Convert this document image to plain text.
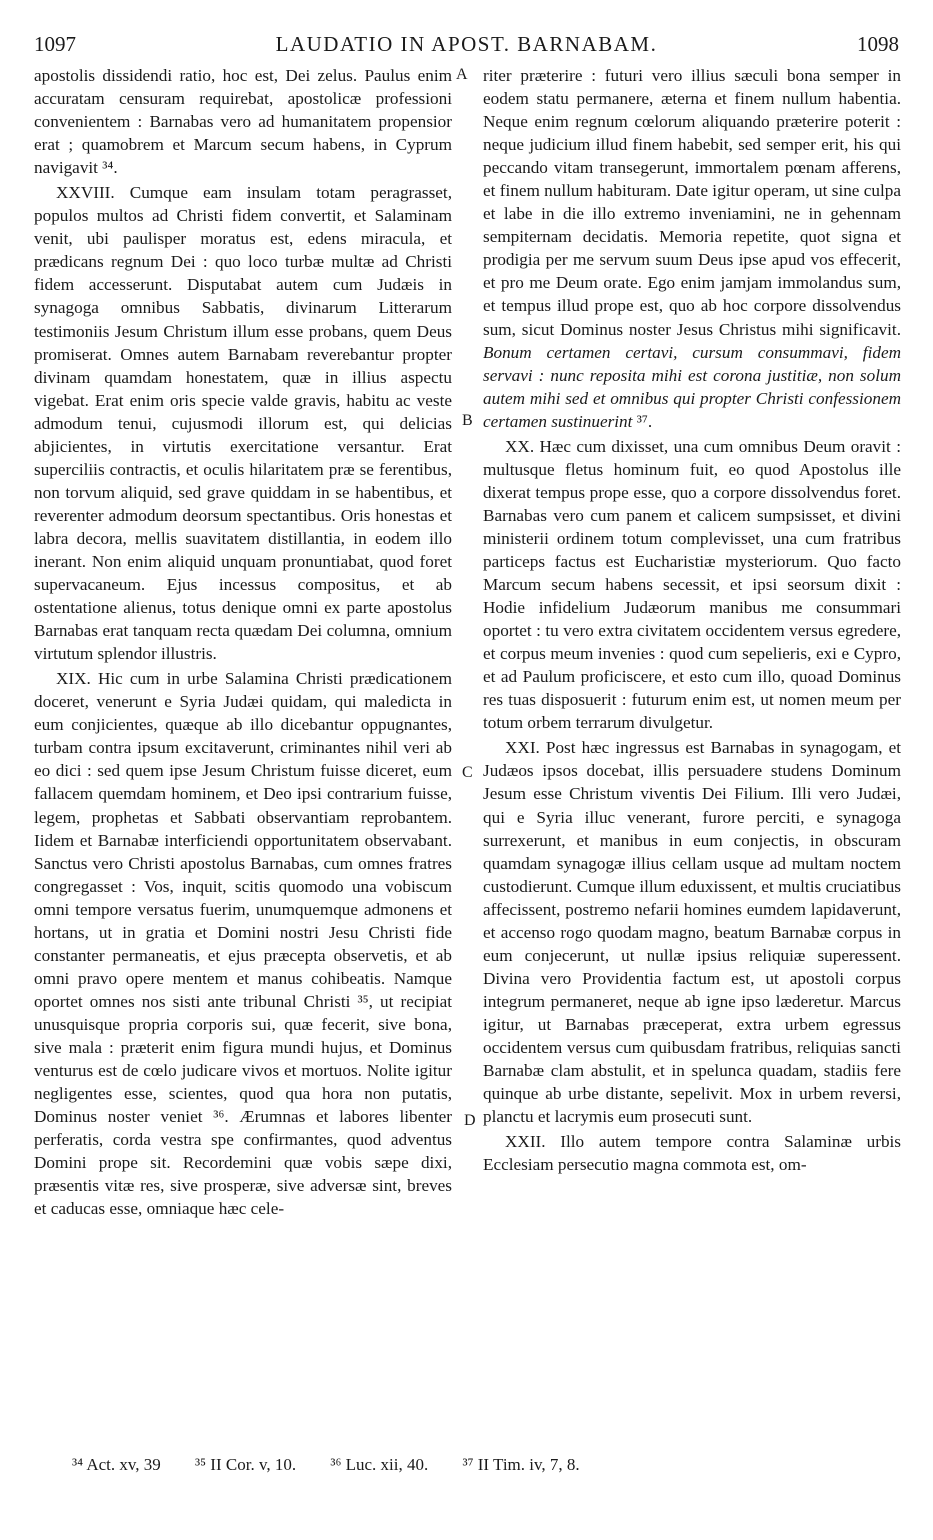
1097	LAUDATIO IN APOST. BARNABAM.	1098

apostolis dissidendi ratio, hoc est, Dei zelus. Paulus enim accuratam censuram requirebat, apostolicæ professioni convenientem : Barnabas vero ad humanitatem propensior erat ; quamobrem et Marcum secum habens, in Cyprum navigavit ³⁴.

XXVIII. Cumque eam insulam totam peragrasset, populos multos ad Christi fidem convertit, et Salaminam venit, ubi paulisper moratus est, edens miracula, et prædicans regnum Dei : quo loco turbæ multæ ad Christi fidem accesserunt. Disputabat autem cum Judæis in synagoga omnibus Sabbatis, divinarum Litterarum testimoniis Jesum Christum illum esse probans, quem Deus promiserat. Omnes autem Barnabam reverebantur propter divinam quamdam honestatem, quæ in illius aspectu vigebat. Erat enim oris specie valde gravis, habitu ac veste admodum tenui, cujusmodi illorum est, qui delicias abjicientes, in virtutis exercitatione versantur. Erat superciliis contractis, et oculis hilaritatem præ se ferentibus, non torvum aliquid, sed grave quiddam in se habentibus, et reverenter admodum deorsum spectantibus. Oris honestas et labra decora, mellis suavitatem distillantia, in eodem illo inerant. Non enim aliquid unquam pronuntiabat, quod foret supervacaneum. Ejus incessus compositus, et ab ostentatione alienus, totus denique omni ex parte apostolus Barnabas erat tanquam recta quædam Dei columna, omnium virtutum splendor illustris.

XIX. Hic cum in urbe Salamina Christi prædicationem doceret, venerunt e Syria Judæi quidam, qui maledicta in eum conjicientes, quæque ab illo dicebantur oppugnantes, turbam contra ipsum excitaverunt, criminantes nihil veri ab eo dici : sed quem ipse Jesum Christum fuisse diceret, eum fallacem quemdam hominem, et Deo ipsi contrarium fuisse, legem, prophetas et Sabbati observantiam reprobantem. Iidem et Barnabæ interficiendi opportunitatem observabant. Sanctus vero Christi apostolus Barnabas, cum omnes fratres congregasset : Vos, inquit, scitis quomodo una vobiscum omni tempore versatus fuerim, unumquemque admonens et hortans, ut in gratia et Domini nostri Jesu Christi fide constanter permaneatis, et ejus præcepta observetis, et ab omni pravo opere mentem et manus cohibeatis. Namque oportet omnes nos sisti ante tribunal Christi ³⁵, ut recipiat unusquisque propria corporis sui, quæ fecerit, sive bona, sive mala : præterit enim figura mundi hujus, et Dominus venturus est de cœlo judicare vivos et mortuos. Nolite igitur negligentes esse, scientes, quod qua hora non putatis, Dominus noster veniet ³⁶. Ærumnas et labores libenter perferatis, corda vestra spe confirmantes, quod adventus Domini prope sit. Recordemini quæ vobis sæpe dixi, præsentis vitæ res, sive prosperæ, sive adversæ sint, breves et caducas esse, omniaque hæc cele-

A
B
C
D

riter præterire : futuri vero illius sæculi bona semper in eodem statu permanere, æterna et finem nullum habentia. Neque enim regnum cœlorum aliquando præterire poterit : neque judicium illud finem habebit, sed semper erit, his qui peccando vitam transegerunt, immortalem pœnam afferens, et finem nullum habituram. Date igitur operam, ut sine culpa et labe in die illo extremo inveniamini, ne in gehennam sempiternam decidatis. Memoria repetite, quot signa et prodigia per me servum suum Deus ipse apud vos effecerit, et pro me Deum orate. Ego enim jamjam immolandus sum, et tempus illud prope est, quo ab hoc corpore dissolvendus sum, sicut Dominus noster Jesus Christus mihi significavit. Bonum certamen certavi, cursum consummavi, fidem servavi : nunc reposita mihi est corona justitiæ, non solum autem mihi sed et omnibus qui propter Christi confessionem certamen sustinuerint ³⁷.

XX. Hæc cum dixisset, una cum omnibus Deum oravit : multusque fletus hominum fuit, eo quod Apostolus ille dixerat tempus prope esse, quo a corpore dissolvendus foret. Barnabas vero cum panem et calicem sumpsisset, et divini ministerii ordinem totum complevisset, una cum fratribus particeps factus est Eucharistiæ mysteriorum. Quo facto Marcum secum habens secessit, et ipsi seorsum dixit : Hodie infidelium Judæorum manibus me consummari oportet : tu vero extra civitatem occidentem versus egredere, et corpus meum invenies : quod cum sepelieris, exi e Cypro, et ad Paulum proficiscere, et esto cum illo, quoad Dominus res tuas disposuerit : futurum enim est, ut nomen meum per totum orbem terrarum divulgetur.

XXI. Post hæc ingressus est Barnabas in synagogam, et Judæos ipsos docebat, illis persuadere studens Dominum Jesum esse Christum viventis Dei Filium. Illi vero Judæi, qui e Syria illuc venerant, furore perciti, e synagoga surrexerunt, et manibus in eum conjectis, in obscuram quamdam synagogæ illius cellam usque ad multam noctem custodierunt. Cumque illum eduxissent, et multis cruciatibus affecissent, postremo nefarii homines eumdem lapidaverunt, et accenso rogo quodam magno, beatum Barnabæ corpus in eum conjecerunt, ut nullæ ipsius reliquiæ superessent. Divina vero Providentia factum est, ut apostoli corpus integrum permaneret, neque ab igne ipso læderetur. Marcus igitur, ut Barnabas præceperat, extra urbem egressus occidentem versus cum quibusdam fratribus, reliquias sancti Barnabæ clam abstulit, et in spelunca quadam, stadiis fere quinque ab urbe distante, sepelivit. Mox in urbem reversi, planctu et lacrymis eum prosecuti sunt.

XXII. Illo autem tempore contra Salaminæ urbis Ecclesiam persecutio magna commota est, om-

³⁴ Act. xv, 39 ³⁵ II Cor. v, 10. ³⁶ Luc. xii, 40. ³⁷ II Tim. iv, 7, 8.
